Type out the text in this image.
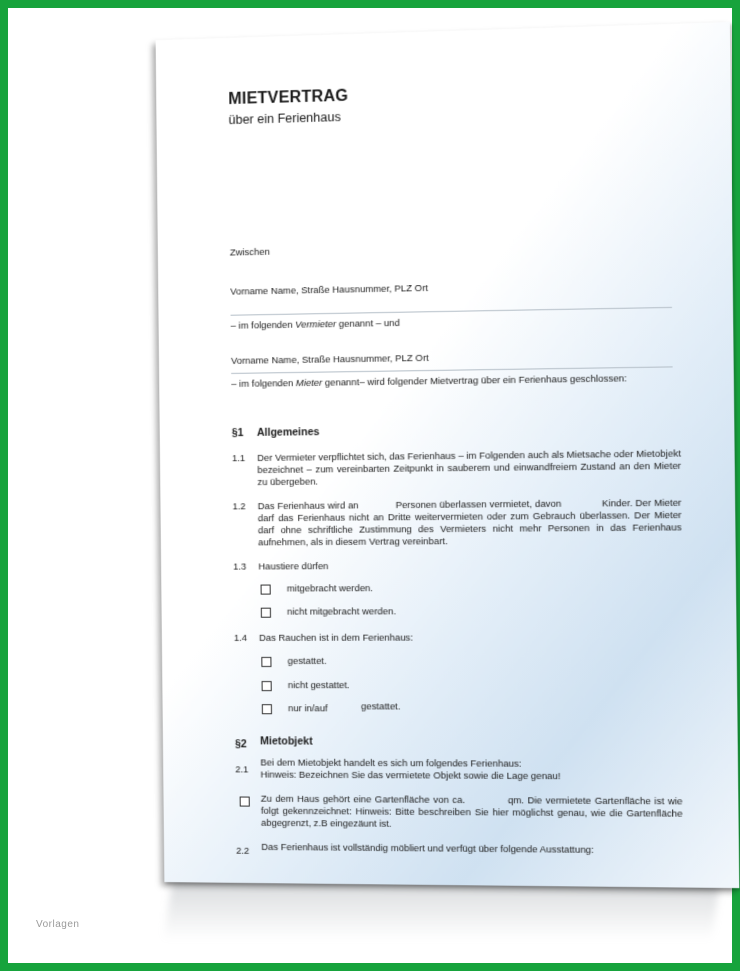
MIETVERTRAG
über ein Ferienhaus
Zwischen
Vorname Name, Straße Hausnummer, PLZ Ort
– im folgenden Vermieter genannt – und
Vorname Name, Straße Hausnummer, PLZ Ort
– im folgenden Mieter genannt– wird folgender Mietvertrag über ein Ferienhaus geschlossen:
§1 Allgemeines
1.1 Der Vermieter verpflichtet sich, das Ferienhaus – im Folgenden auch als Mietsache oder Mietobjekt bezeichnet – zum vereinbarten Zeitpunkt in sauberem und einwandfreiem Zustand an den Mieter zu übergeben.
1.2 Das Ferienhaus wird an	Personen überlassen vermietet, davon	Kinder. Der Mieter darf das Ferienhaus nicht an Dritte weitervermieten oder zum Gebrauch überlassen. Der Mieter darf ohne schriftliche Zustimmung des Vermieters nicht mehr Personen in das Ferienhaus aufnehmen, als in diesem Vertrag vereinbart.
1.3 Haustiere dürfen
mitgebracht werden.
nicht mitgebracht werden.
1.4 Das Rauchen ist in dem Ferienhaus:
gestattet.
nicht gestattet.
nur in/auf	gestattet.
§2 Mietobjekt
2.1
Bei dem Mietobjekt handelt es sich um folgendes Ferienhaus:
Hinweis: Bezeichnen Sie das vermietete Objekt sowie die Lage genau!
Zu dem Haus gehört eine Gartenfläche von ca.	qm. Die vermietete Gartenfläche ist wie folgt gekennzeichnet: Hinweis: Bitte beschreiben Sie hier möglichst genau, wie die Gartenfläche abgegrenzt, z.B eingezäunt ist.
2.2 Das Ferienhaus ist vollständig möbliert und verfügt über folgende Ausstattung:
Vorlagen
